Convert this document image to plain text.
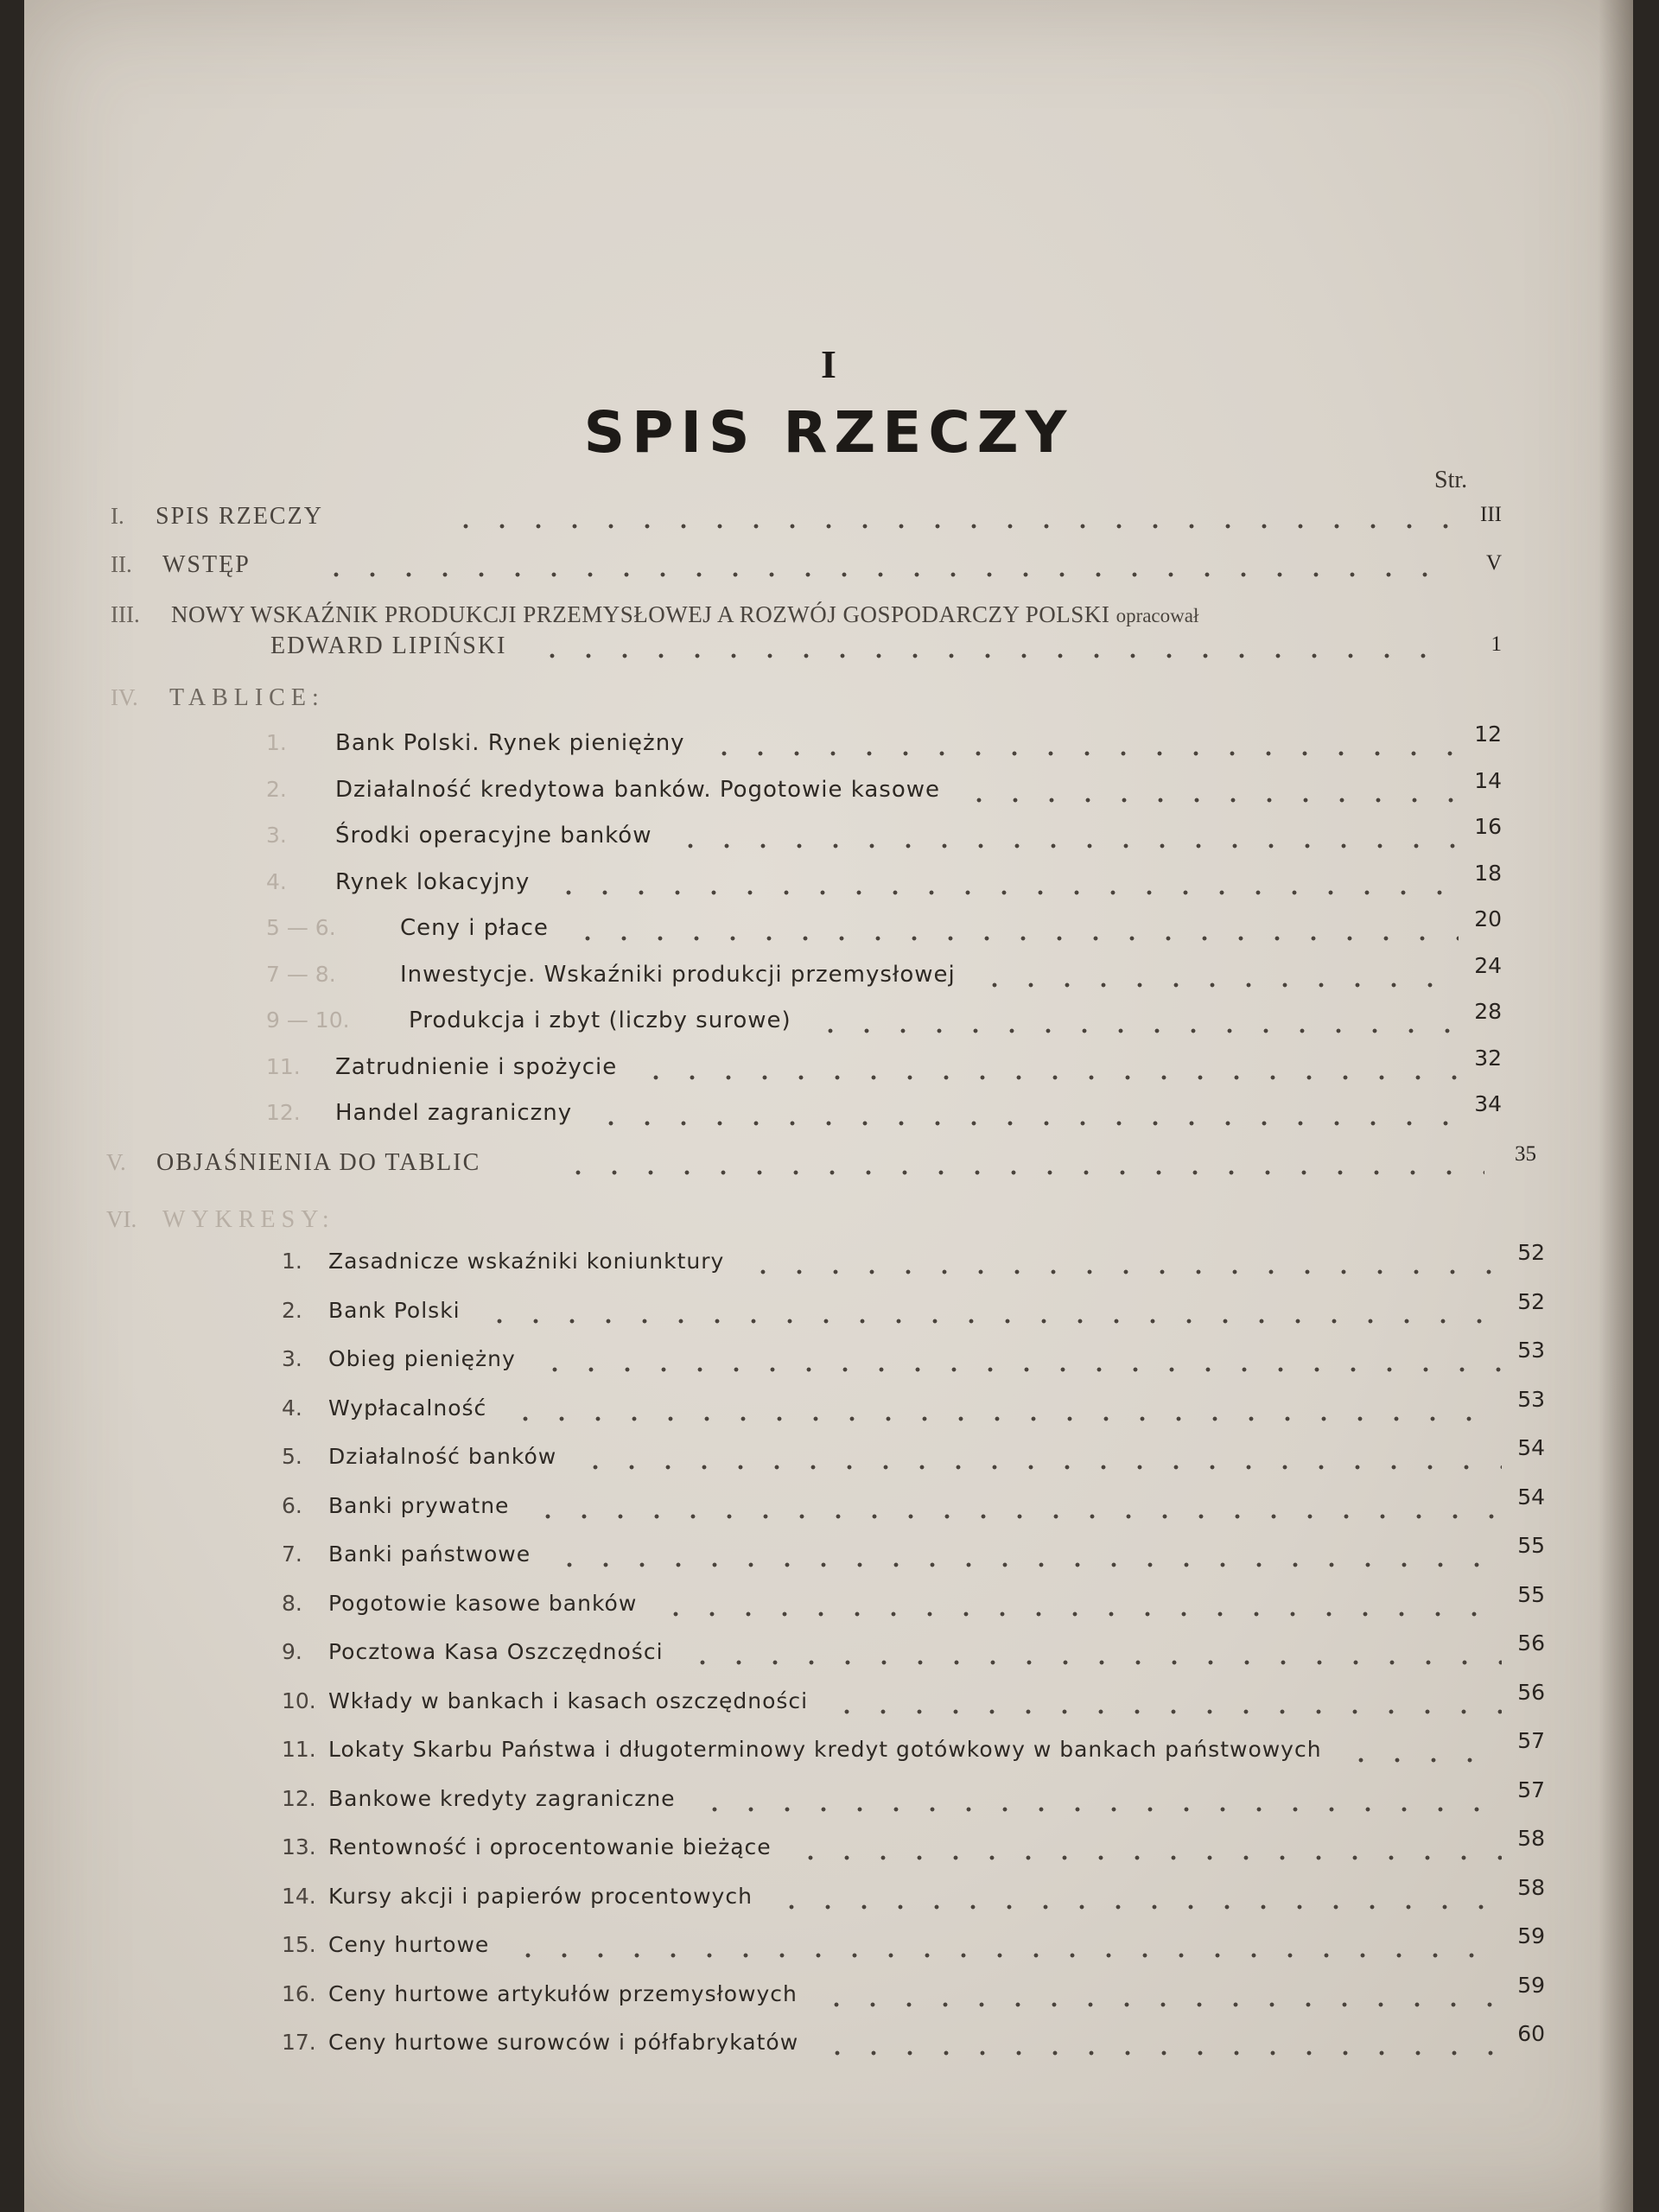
I
SPIS RZECZY
Str.
I. SPIS RZECZY	III
II. WSTĘP	V
III. NOWY WSKAŹNIK PRODUKCJI PRZEMYSŁOWEJ A ROZWÓJ GOSPODARCZY POLSKI opracował
EDWARD LIPIŃSKI	1
IV. TABLICE:
1. Bank Polski. Rynek pieniężny	12
2. Działalność kredytowa banków. Pogotowie kasowe	14
3. Środki operacyjne banków	16
4. Rynek lokacyjny	18
5 — 6.	Ceny i płace	20
7 — 8.	Inwestycje. Wskaźniki produkcji przemysłowej	24
9 — 10.	Produkcja i zbyt (liczby surowe)	28
11. Zatrudnienie i spożycie	32
12. Handel zagraniczny	34
V. OBJAŚNIENIA DO TABLIC	35
VI. WYKRESY:
1. Zasadnicze wskaźniki koniunktury	52
2. Bank Polski	52
3. Obieg pieniężny	53
4. Wypłacalność	53
5. Działalność banków	54
6. Banki prywatne	54
7. Banki państwowe	55
8. Pogotowie kasowe banków	55
9. Pocztowa Kasa Oszczędności	56
10. Wkłady w bankach i kasach oszczędności	56
11. Lokaty Skarbu Państwa i długoterminowy kredyt gotówkowy w bankach państwowych	57
12. Bankowe kredyty zagraniczne	57
13. Rentowność i oprocentowanie bieżące	58
14. Kursy akcji i papierów procentowych	58
15. Ceny hurtowe	59
16. Ceny hurtowe artykułów przemysłowych	59
17. Ceny hurtowe surowców i półfabrykatów	60
